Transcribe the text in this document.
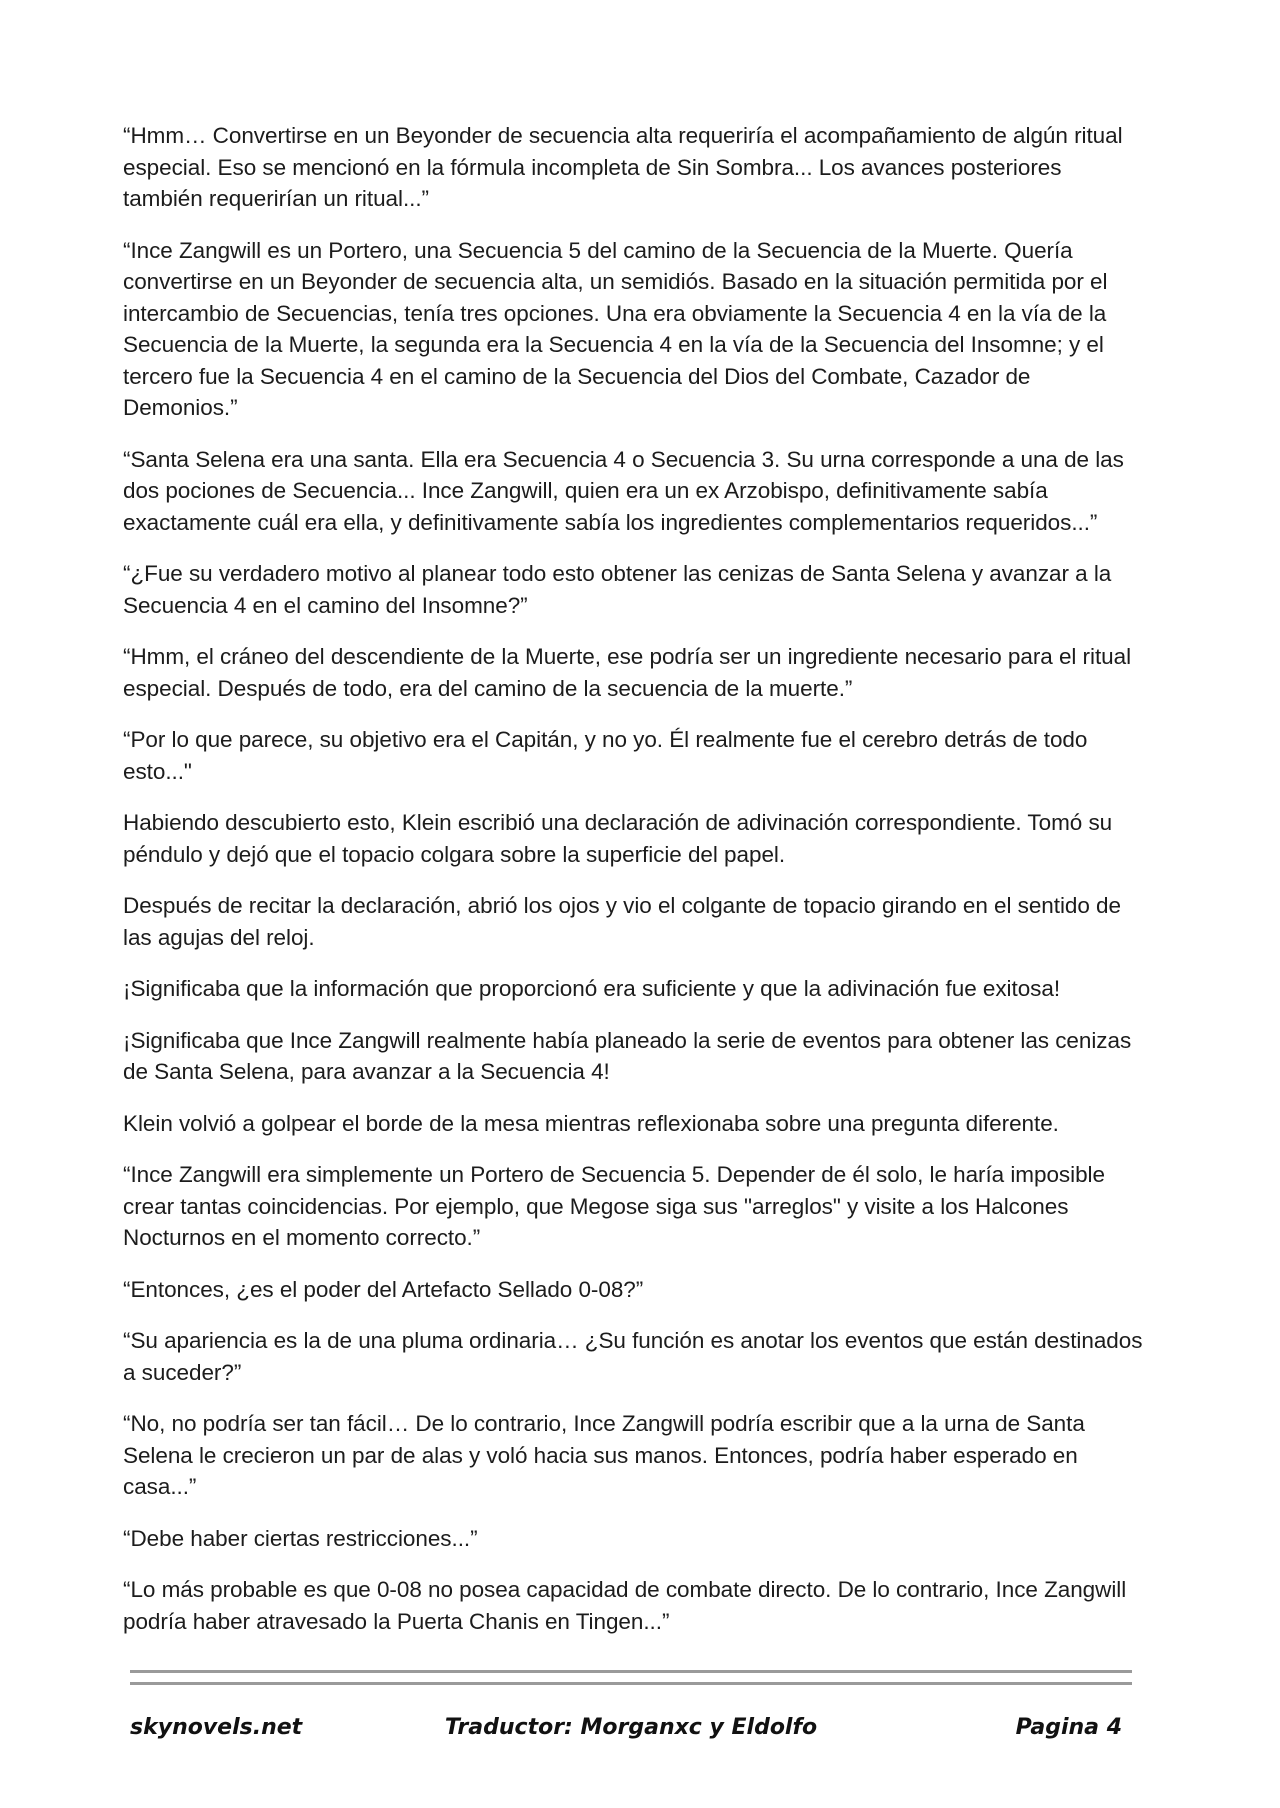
“Hmm… Convertirse en un Beyonder de secuencia alta requeriría el acompañamiento de algún ritual especial. Eso se mencionó en la fórmula incompleta de Sin Sombra... Los avances posteriores también requerirían un ritual...”

“Ince Zangwill es un Portero, una Secuencia 5 del camino de la Secuencia de la Muerte. Quería convertirse en un Beyonder de secuencia alta, un semidiós. Basado en la situación permitida por el intercambio de Secuencias, tenía tres opciones. Una era obviamente la Secuencia 4 en la vía de la Secuencia de la Muerte, la segunda era la Secuencia 4 en la vía de la Secuencia del Insomne; y el tercero fue la Secuencia 4 en el camino de la Secuencia del Dios del Combate, Cazador de Demonios.”

“Santa Selena era una santa. Ella era Secuencia 4 o Secuencia 3. Su urna corresponde a una de las dos pociones de Secuencia... Ince Zangwill, quien era un ex Arzobispo, definitivamente sabía exactamente cuál era ella, y definitivamente sabía los ingredientes complementarios requeridos...”

“¿Fue su verdadero motivo al planear todo esto obtener las cenizas de Santa Selena y avanzar a la Secuencia 4 en el camino del Insomne?”

“Hmm, el cráneo del descendiente de la Muerte, ese podría ser un ingrediente necesario para el ritual especial. Después de todo, era del camino de la secuencia de la muerte.”

“Por lo que parece, su objetivo era el Capitán, y no yo. Él realmente fue el cerebro detrás de todo esto..."

Habiendo descubierto esto, Klein escribió una declaración de adivinación correspondiente. Tomó su péndulo y dejó que el topacio colgara sobre la superficie del papel.

Después de recitar la declaración, abrió los ojos y vio el colgante de topacio girando en el sentido de las agujas del reloj.

¡Significaba que la información que proporcionó era suficiente y que la adivinación fue exitosa!

¡Significaba que Ince Zangwill realmente había planeado la serie de eventos para obtener las cenizas de Santa Selena, para avanzar a la Secuencia 4!

Klein volvió a golpear el borde de la mesa mientras reflexionaba sobre una pregunta diferente.

“Ince Zangwill era simplemente un Portero de Secuencia 5. Depender de él solo, le haría imposible crear tantas coincidencias. Por ejemplo, que Megose siga sus "arreglos" y visite a los Halcones Nocturnos en el momento correcto.”

“Entonces, ¿es el poder del Artefacto Sellado 0-08?”

“Su apariencia es la de una pluma ordinaria… ¿Su función es anotar los eventos que están destinados a suceder?”

“No, no podría ser tan fácil… De lo contrario, Ince Zangwill podría escribir que a la urna de Santa Selena le crecieron un par de alas y voló hacia sus manos. Entonces, podría haber esperado en casa...”

“Debe haber ciertas restricciones...”

“Lo más probable es que 0-08 no posea capacidad de combate directo. De lo contrario, Ince Zangwill podría haber atravesado la Puerta Chanis en Tingen...”

skynovels.net	Traductor: Morganxc y Eldolfo	Pagina 4
